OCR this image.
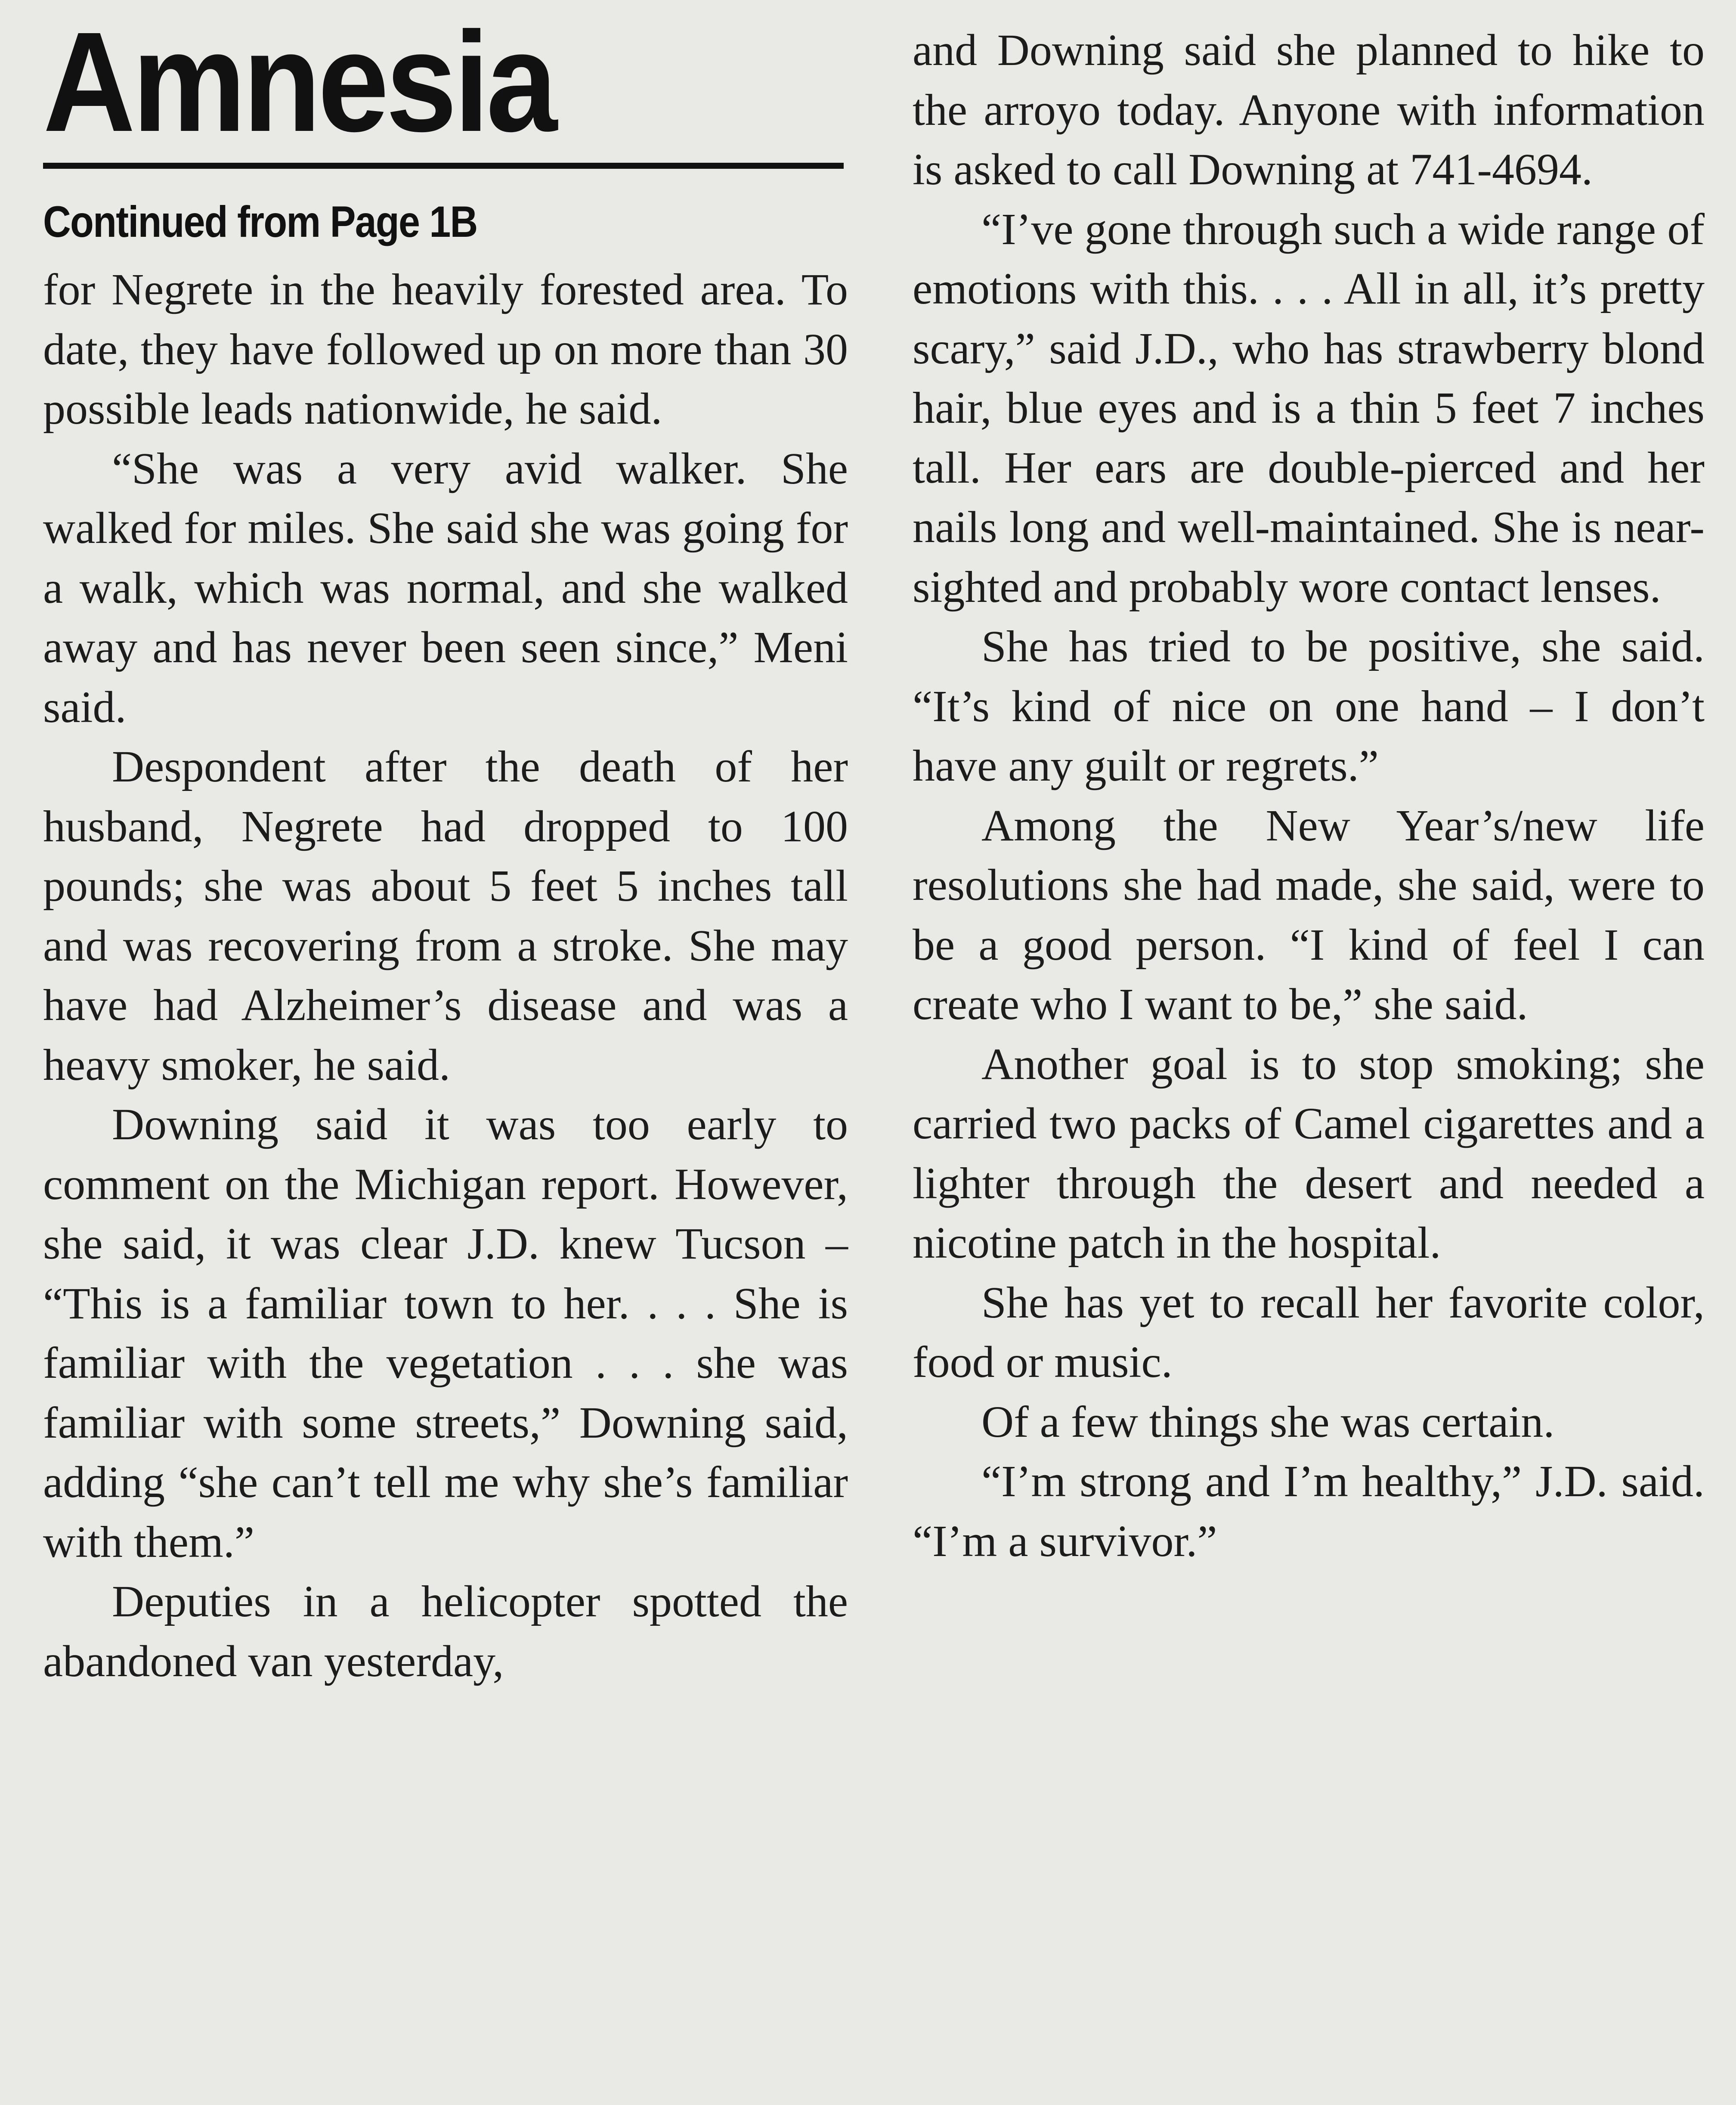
Amnesia
Continued from Page 1B

for Negrete in the heavily forested area. To date, they have followed up on more than 30 possible leads nationwide, he said.

“She was a very avid walker. She walked for miles. She said she was going for a walk, which was normal, and she walked away and has never been seen since,” Meni said.

Despondent after the death of her husband, Negrete had dropped to 100 pounds; she was about 5 feet 5 inches tall and was recovering from a stroke. She may have had Alzheimer’s disease and was a heavy smoker, he said.

Downing said it was too early to comment on the Michigan report. However, she said, it was clear J.D. knew Tucson – “This is a familiar town to her. . . . She is familiar with the vegetation . . . she was familiar with some streets,” Downing said, adding “she can’t tell me why she’s familiar with them.”

Deputies in a helicopter spotted the abandoned van yesterday,

and Downing said she planned to hike to the arroyo today. Anyone with information is asked to call Downing at 741-4694.

“I’ve gone through such a wide range of emotions with this. . . . All in all, it’s pretty scary,” said J.D., who has strawberry blond hair, blue eyes and is a thin 5 feet 7 inches tall. Her ears are double-pierced and her nails long and well-maintained. She is near-sighted and probably wore contact lenses.

She has tried to be positive, she said. “It’s kind of nice on one hand – I don’t have any guilt or regrets.”

Among the New Year’s/new life resolutions she had made, she said, were to be a good person. “I kind of feel I can create who I want to be,” she said.

Another goal is to stop smoking; she carried two packs of Camel cigarettes and a lighter through the desert and needed a nicotine patch in the hospital.

She has yet to recall her favorite color, food or music.

Of a few things she was certain.

“I’m strong and I’m healthy,” J.D. said. “I’m a survivor.”
